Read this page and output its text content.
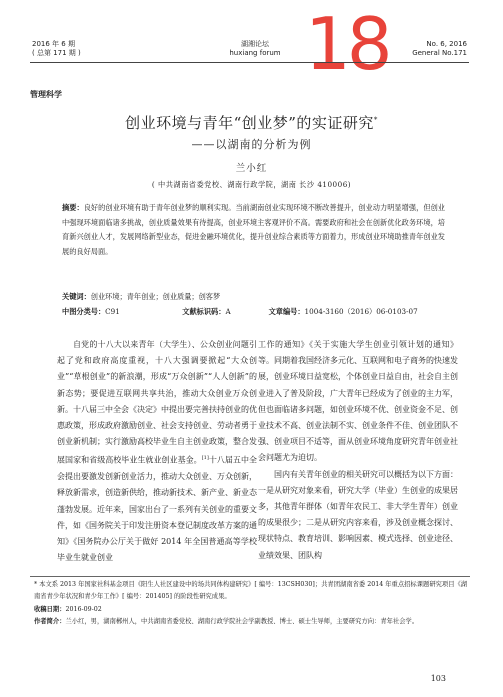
2016 年 6 期
( 总第 171 期 )
湖湘论坛
huxiang forum 18	No. 6, 2016
General No.171
管理科学
创业环境与青年“创业梦”的实证研究*
——以湖南的分析为例
兰小红
( 中共湖南省委党校、湖南行政学院，湖南 长沙 410006)
摘要：良好的创业环境有助于青年创业梦的顺利实现。当前湖南创业实现环境不断改善提升，创业动力明显增强，但创业中强现环境面临诸多挑战，创业质量效果有待提高，创业环境主客观评价不高。需要政府和社会在创新优化政务环境，培育新兴创业人才，发展网络新型业态，促进金融环境优化，提升创业综合素质等方面着力，形成创业环境助推青年创业发展的良好局面。
关键词：创业环境；青年创业；创业质量；创客梦
中图分类号：C91	文献标识码：A	文章编号：1004-3160（2016）06-0103-07

自党的十八大以来青年（大学生）、公众创业问题引起了党和政府高度重视，十八大强调要掀起“大众创业”“草根创业”的新浪潮，形成“万众创新”“人人创新”的新态势；要促进互联网共享共治，推动大众创业万众创新。十八届三中全会《决定》中提出要完善扶持创业的优惠政策，形成政府激励创业、社会支持创业、劳动者勇于创业新机制；实行激励高校毕业生自主创业政策，整合发展国家和省级高校毕业生就业创业基金。[1]十八届五中全会提出要激发创新创业活力，推动大众创业、万众创新，释放新需求，创造新供给，推动新技术、新产业、新业态蓬勃发展。近年来，国家出台了一系列有关创业的重要文件，如《国务院关于印发注册资本登记制度改革方案的通知》《国务院办公厅关于做好 2014 年全国普通高等学校毕业生就业创业

工作的通知》《关于实施大学生创业引领计划的通知》等。同期着我国经济多元化、互联网和电子商务的快速发展，创业环境日益宽松，个体创业日益自由，社会自主创业进入了普及阶段，广大青年已经成为了创业的主力军，但也面临诸多问题，如创业环境不优、创业资金不足、创业技术不高、创业法制不实、创业条件不佳、创业团队不强、创业项目不适等，面从创业环境角度研究青年创业社会问题尤为迫切。

国内有关青年创业的相关研究可以概括为以下方面：一是从研究对象来看，研究大学（毕业）生创业的成果居多，其他青年群体（如青年农民工、非大学生青年）创业的成果很少；二是从研究内容来看，涉及创业概念探讨、现状特点、教育培训、影响因素、模式选择、创业途径、业绩效果、团队构

* 本文系 2013 年国家社科基金项目《阳生人社区建设中的场共同体构建研究》[ 编号：13CSH030]；共青团湖南省委 2014 年重点招标课题研究项目《湖南省青少年状况和青少年工作》[ 编号：201405] 的阶段性研究成果。

收稿日期：2016-09-02

作者简介：兰小红，男，湖南郴州人，中共湖南省委党校、湖南行政学院社会学副教授、博士、硕士生导师，主要研究方向：青年社会学。

103
